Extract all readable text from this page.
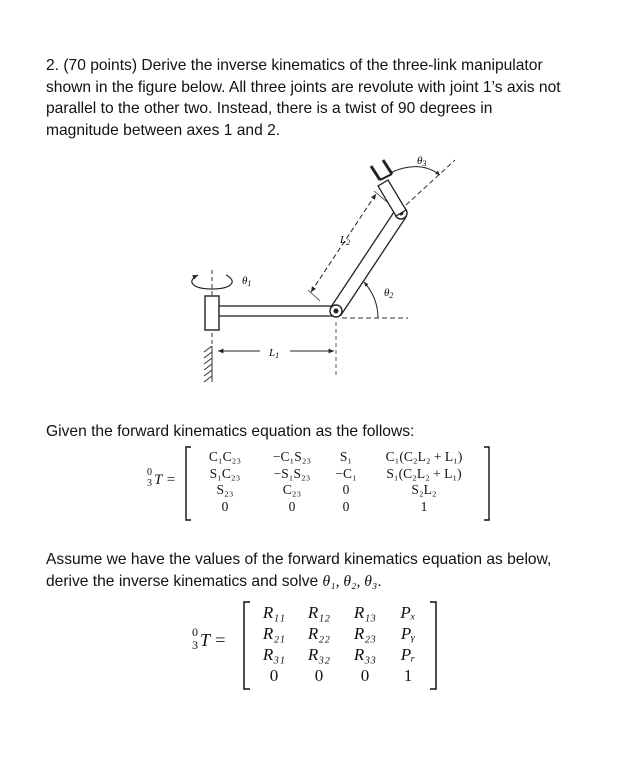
2. (70 points) Derive the inverse kinematics of the three-link manipulator
shown in the figure below. All three joints are revolute with joint 1’s axis not
parallel to the other two. Instead, there is a twist of 90 degrees in
magnitude between axes 1 and 2.
θ1
θ2
θ3
L1
L2
Given the forward kinematics equation as the follows:
0
3 T =
C₁C₂₃	−C₁S₂₃	S₁	C₁(C₂L₂ + L₁)
S₁C₂₃	−S₁S₂₃	−C₁	S₁(C₂L₂ + L₁)
S₂₃	C₂₃	0	S₂L₂
0	0	0	1
Assume we have the values of the forward kinematics equation as below,
derive the inverse kinematics and solve θ₁, θ₂, θ₃.
0
3 T =
R₁₁	R₁₂	R₁₃	Pₓ
R₂₁	R₂₂	R₂₃	Pᵧ
R₃₁	R₃₂	R₃₃	Pᵣ
0	0	0	1
